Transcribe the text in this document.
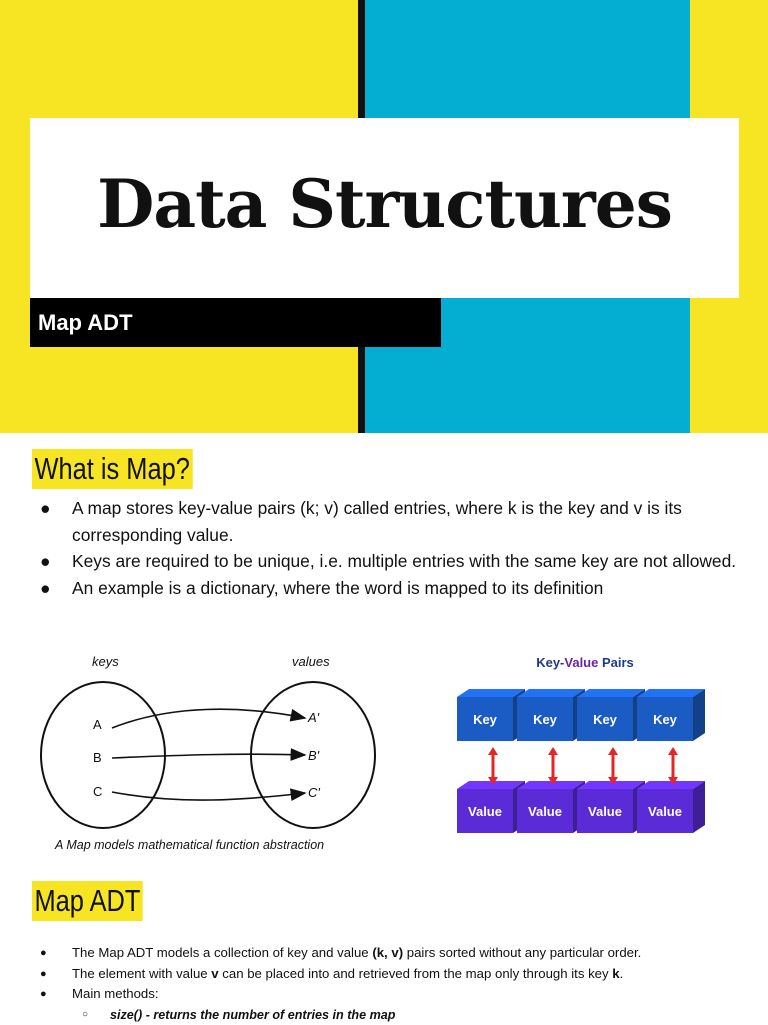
Data Structures
Map ADT
What is Map?
● A map stores key-value pairs (k; v) called entries, where k is the key and v is its corresponding value.
● Keys are required to be unique, i.e. multiple entries with the same key are not allowed.
● An example is a dictionary, where the word is mapped to its definition
keys	values
A
B
C
A'
B'
C'
A Map models mathematical function abstraction
Key-Value Pairs
Key
Value
Key
Value
Key
Value
Key
Value
Map ADT
● The Map ADT models a collection of key and value (k, v) pairs sorted without any particular order.
● The element with value v can be placed into and retrieved from the map only through its key k.
● Main methods:
○ size() - returns the number of entries in the map
